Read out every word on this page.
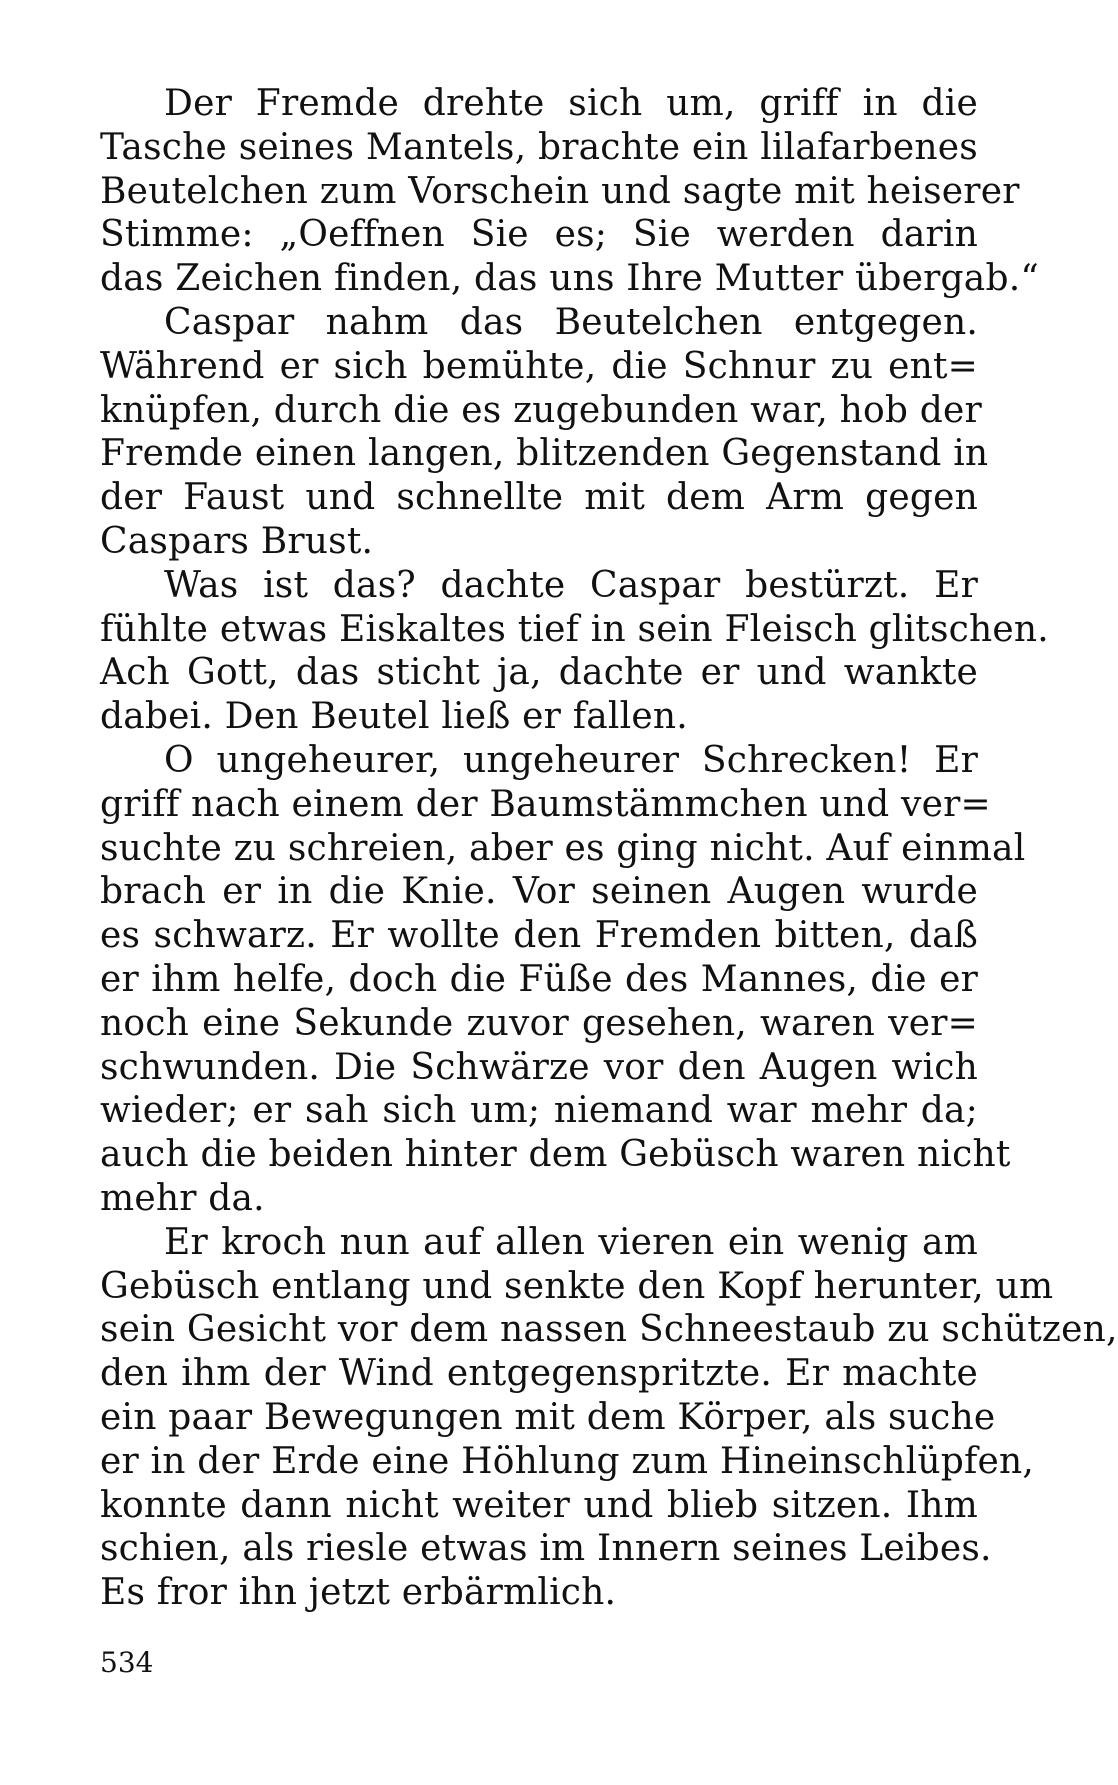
Der Fremde drehte sich um, griff in die
Tasche seines Mantels, brachte ein lilafarbenes
Beutelchen zum Vorschein und sagte mit heiserer
Stimme: „Oeffnen Sie es; Sie werden darin
das Zeichen finden, das uns Ihre Mutter übergab.“
Caspar nahm das Beutelchen entgegen.
Während er sich bemühte, die Schnur zu ent=
knüpfen, durch die es zugebunden war, hob der
Fremde einen langen, blitzenden Gegenstand in
der Faust und schnellte mit dem Arm gegen
Caspars Brust.
Was ist das? dachte Caspar bestürzt. Er
fühlte etwas Eiskaltes tief in sein Fleisch glitschen.
Ach Gott, das sticht ja, dachte er und wankte
dabei. Den Beutel ließ er fallen.
O ungeheurer, ungeheurer Schrecken! Er
griff nach einem der Baumstämmchen und ver=
suchte zu schreien, aber es ging nicht. Auf einmal
brach er in die Knie. Vor seinen Augen wurde
es schwarz. Er wollte den Fremden bitten, daß
er ihm helfe, doch die Füße des Mannes, die er
noch eine Sekunde zuvor gesehen, waren ver=
schwunden. Die Schwärze vor den Augen wich
wieder; er sah sich um; niemand war mehr da;
auch die beiden hinter dem Gebüsch waren nicht
mehr da.
Er kroch nun auf allen vieren ein wenig am
Gebüsch entlang und senkte den Kopf herunter, um
sein Gesicht vor dem nassen Schneestaub zu schützen,
den ihm der Wind entgegenspritzte. Er machte
ein paar Bewegungen mit dem Körper, als suche
er in der Erde eine Höhlung zum Hineinschlüpfen,
konnte dann nicht weiter und blieb sitzen. Ihm
schien, als riesle etwas im Innern seines Leibes.
Es fror ihn jetzt erbärmlich.
534
